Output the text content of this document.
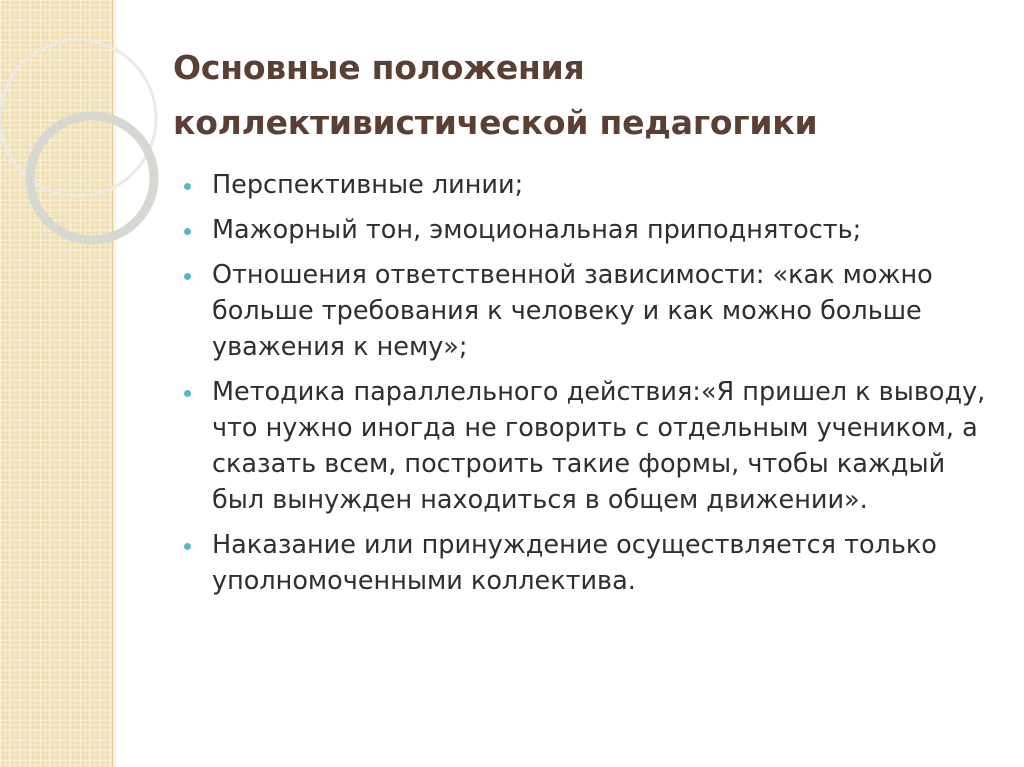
Основные положения
коллективистической педагогики
Перспективные линии;
Мажорный тон, эмоциональная приподнятость;
Отношения ответственной зависимости: «как можно больше требования к человеку и как можно больше уважения к нему»;
Методика параллельного действия:«Я пришел к выводу, что нужно иногда не говорить с отдельным учеником, а сказать всем, построить такие формы, чтобы каждый был вынужден находиться в общем движении».
Наказание или принуждение осуществляется только уполномоченными коллектива.
